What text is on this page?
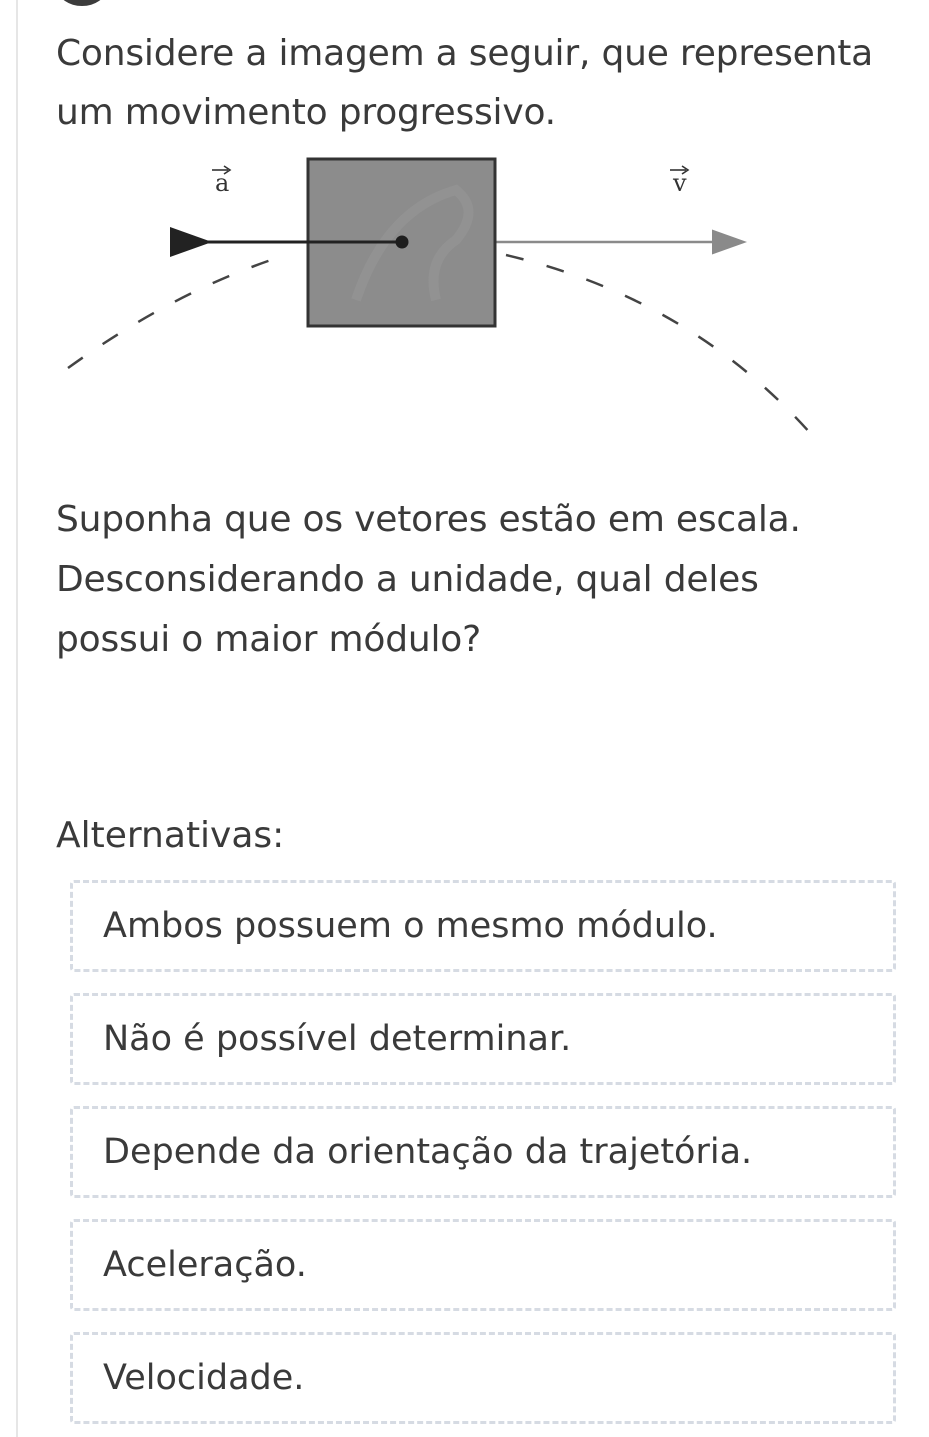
Considere a imagem a seguir, que representa
um movimento progressivo.
a	v
Suponha que os vetores estão em escala.
Desconsiderando a unidade, qual deles
possui o maior módulo?
Alternativas:
Ambos possuem o mesmo módulo.
Não é possível determinar.
Depende da orientação da trajetória.
Aceleração.
Velocidade.
